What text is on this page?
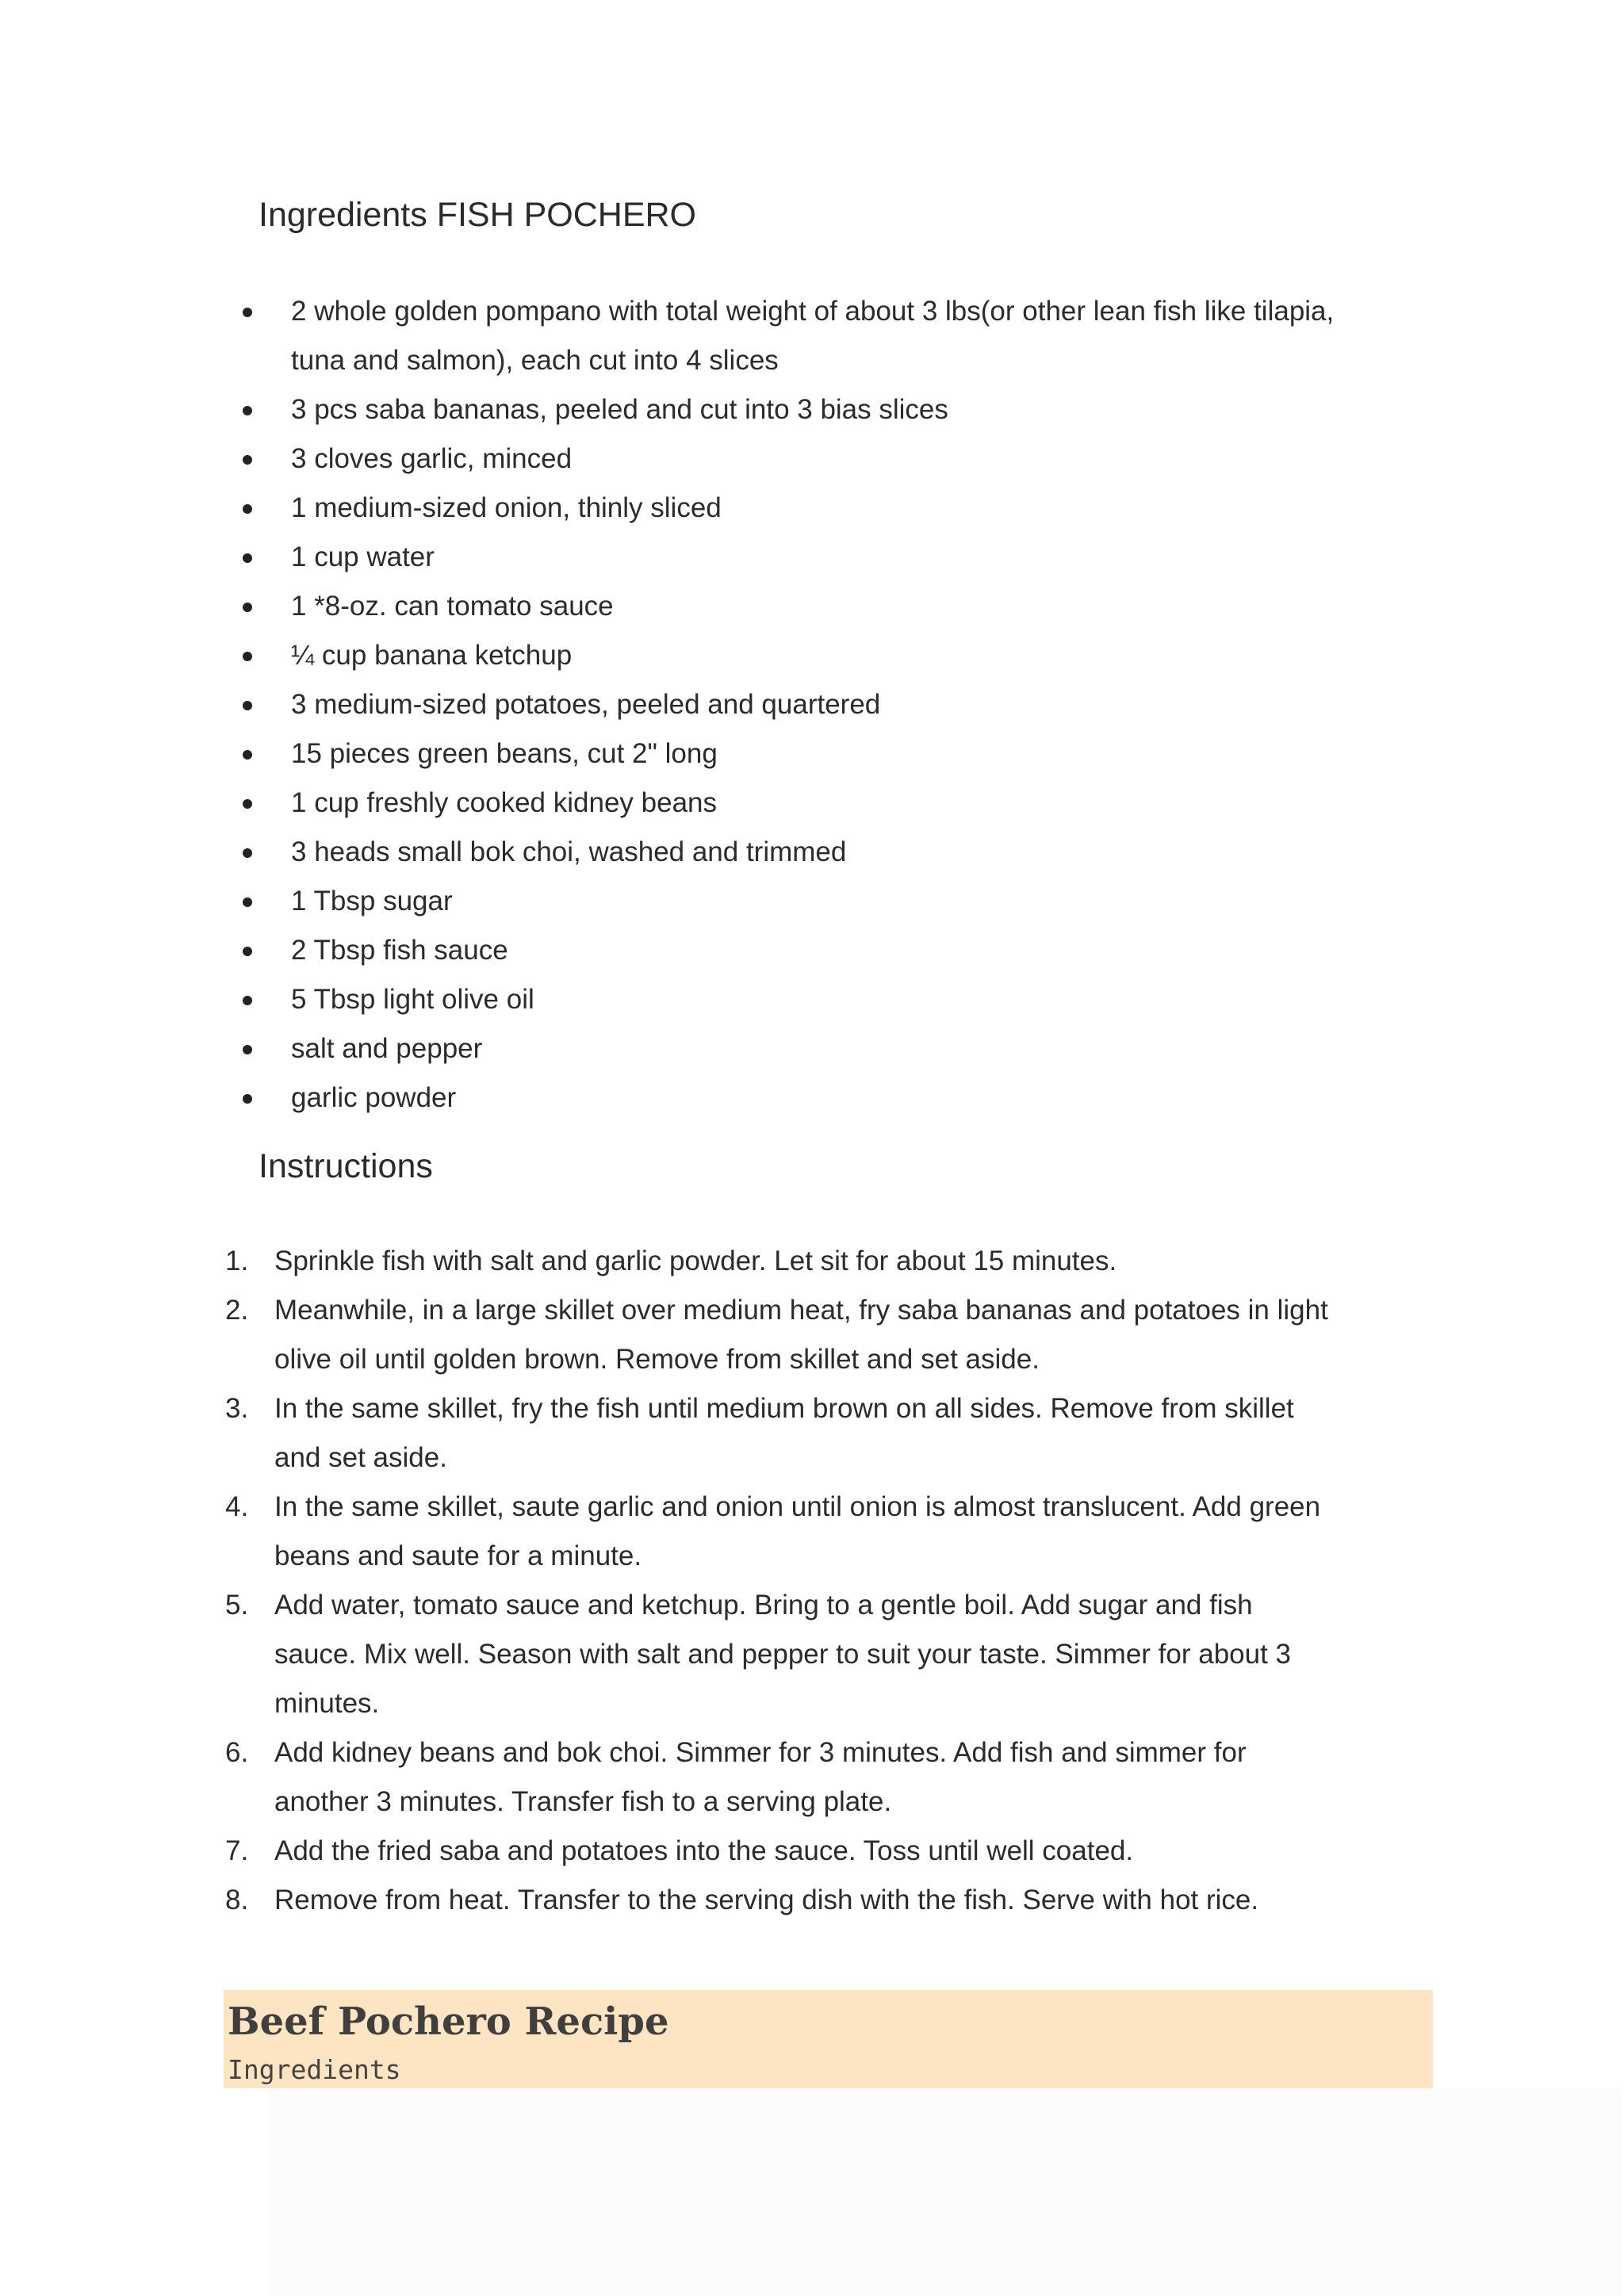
Ingredients FISH POCHERO
2 whole golden pompano with total weight of about 3 lbs(or other lean fish like tilapia, tuna and salmon), each cut into 4 slices
3 pcs saba bananas, peeled and cut into 3 bias slices
3 cloves garlic, minced
1 medium-sized onion, thinly sliced
1 cup water
1 *8-oz. can tomato sauce
¼ cup banana ketchup
3 medium-sized potatoes, peeled and quartered
15 pieces green beans, cut 2" long
1 cup freshly cooked kidney beans
3 heads small bok choi, washed and trimmed
1 Tbsp sugar
2 Tbsp fish sauce
5 Tbsp light olive oil
salt and pepper
garlic powder
Instructions
1. Sprinkle fish with salt and garlic powder. Let sit for about 15 minutes.
2. Meanwhile, in a large skillet over medium heat, fry saba bananas and potatoes in light olive oil until golden brown. Remove from skillet and set aside.
3. In the same skillet, fry the fish until medium brown on all sides. Remove from skillet and set aside.
4. In the same skillet, saute garlic and onion until onion is almost translucent. Add green beans and saute for a minute.
5. Add water, tomato sauce and ketchup. Bring to a gentle boil. Add sugar and fish sauce. Mix well. Season with salt and pepper to suit your taste. Simmer for about 3 minutes.
6. Add kidney beans and bok choi. Simmer for 3 minutes. Add fish and simmer for another 3 minutes. Transfer fish to a serving plate.
7. Add the fried saba and potatoes into the sauce. Toss until well coated.
8. Remove from heat. Transfer to the serving dish with the fish. Serve with hot rice.
Beef Pochero Recipe
Ingredients
